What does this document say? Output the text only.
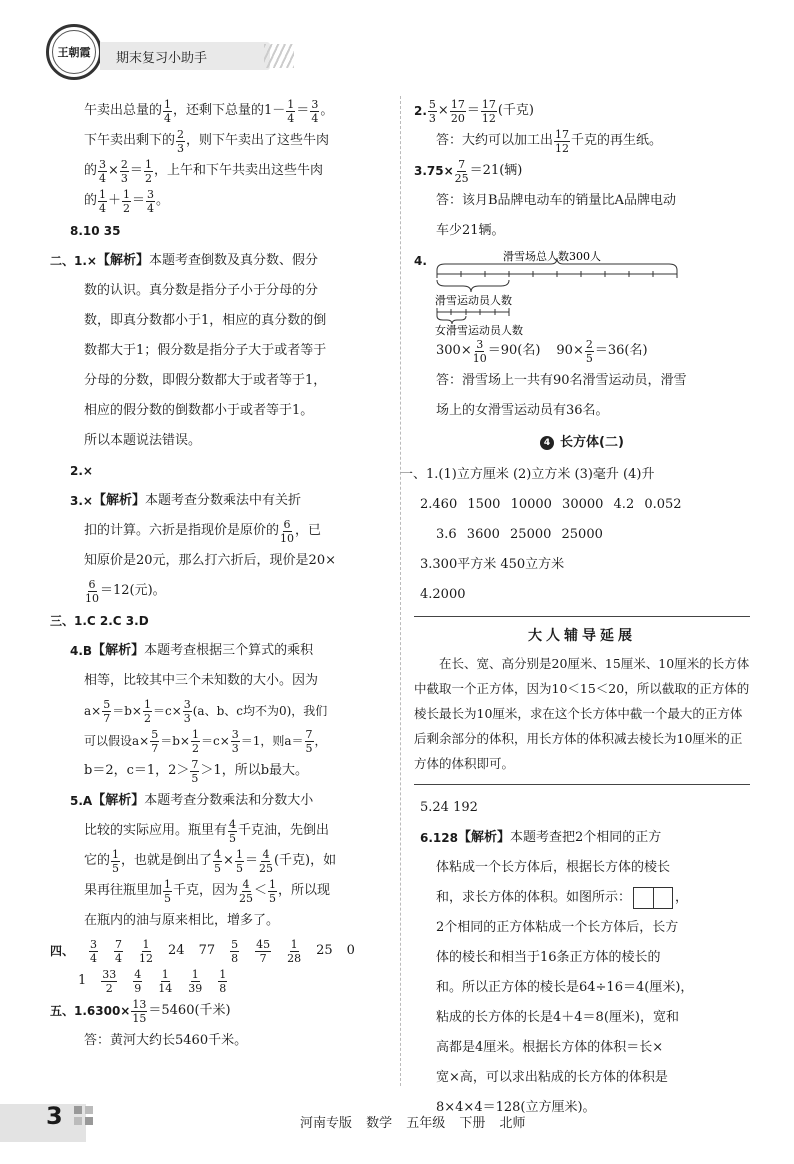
王朝霞	期末复习小助手
午卖出总量的 $\frac{1}{4}$ ，还剩下总量的$1- \frac{1}{4} = \frac{3}{4}$ 。
下午卖出剩下的 $\frac{2}{3}$ ，则下午卖出了这些牛肉
的 $\frac{3}{4} \times \frac{2}{3} = \frac{1}{2}$ ，上午和下午共卖出这些牛肉
的 $\frac{1}{4} + \frac{1}{2} = \frac{3}{4}$ 。
8.10 35
二、1.× 【解析】 本题考查倒数及真分数、假分
数的认识。真分数是指分子小于分母的分
数，即真分数都小于1，相应的真分数的倒
数都大于1；假分数是指分子大于或者等于
分母的分数，即假分数都大于或者等于1，
相应的假分数的倒数都小于或者等于1。
所以本题说法错误。
2.×
3.× 【解析】 本题考查分数乘法中有关折
扣的计算。六折是指现价是原价的 $\frac{6}{10}$ ，已
知原价是20元，那么打六折后，现价是20×
$\frac{6}{10} =12$(元)。
三、1.C 2.C 3.D
4.B 【解析】 本题考查根据三个算式的乘积
相等，比较其中三个未知数的大小。因为
$a\times \frac{5}{7} =b\times \frac{1}{2} =c\times \frac{3}{3} (a$、b、c均不为0)，我们
可以假设$a\times \frac{5}{7} =b\times \frac{1}{2} =c\times \frac{3}{3} =1$，则$a= \frac{7}{5}$ ，
b＝2，c＝1，$2> \frac{7}{5} >1$，所以b最大。
5.A 【解析】 本题考查分数乘法和分数大小
比较的实际应用。瓶里有 $\frac{4}{5}$ 千克油，先倒出
它的 $\frac{1}{5}$ ，也就是倒出了 $\frac{4}{5} \times \frac{1}{5} = \frac{4}{25}$ (千克)，如
果再往瓶里加 $\frac{1}{5}$ 千克，因为 $\frac{4}{25} < \frac{1}{5}$ ，所以现
在瓶内的油与原来相比，增多了。
四、 $\frac{3}{4} \frac{7}{4} \frac{1}{12} 24$ $77 \frac{5}{8} \frac{45}{7} \frac{1}{28} 25$ 0
$1 \frac{33}{2} \frac{4}{9} \frac{1}{14} \frac{1}{39} \frac{1}{8}$
五、$1.6300\times \frac{13}{15} =5460$(千米)
答：黄河大约长5460千米。
2. $\frac{5}{3} \times \frac{17}{20} = \frac{17}{12}$ (千克)
答：大约可以加工出 $\frac{17}{12}$ 千克的再生纸。
$3.75\times \frac{7}{25} =21$(辆)
答：该月B品牌电动车的销量比A品牌电动
车少21辆。
4.	滑雪场总人数300人
滑雪运动员人数
女滑雪运动员人数
$300\times \frac{3}{10} =90$(名) $90\times \frac{2}{5} =36$(名)
答：滑雪场上一共有90名滑雪运动员，滑雪
场上的女滑雪运动员有36名。
4 长方体(二)
一、1.(1)立方厘米 (2)立方米 (3)毫升 (4)升
2.460 1500 10000 30000 4.2 0.052
3.6 3600 25000 25000
3.300平方米 450立方米
4.2000
大人辅导延展

在长、宽、高分别是20厘米、15厘米、10厘米的长方体中截取一个正方体，因为10＜15＜20，所以截取的正方体的棱长最长为10厘米，求在这个长方体中截一个最大的正方体后剩余部分的体积，用长方体的体积减去棱长为10厘米的正方体的体积即可。

5.24 192
6.128 【解析】 本题考查把2个相同的正方
体粘成一个长方体后，根据长方体的棱长
和，求长方体的体积。如图所示：	，
2个相同的正方体粘成一个长方体后，长方
体的棱长和相当于16条正方体的棱长的
和。所以正方体的棱长是64÷16＝4(厘米)，
粘成的长方体的长是4＋4＝8(厘米)，宽和
高都是4厘米。根据长方体的体积＝长×
宽×高，可以求出粘成的长方体的体积是
8×4×4＝128(立方厘米)。
3	河南专版 数学 五年级 下册 北师
